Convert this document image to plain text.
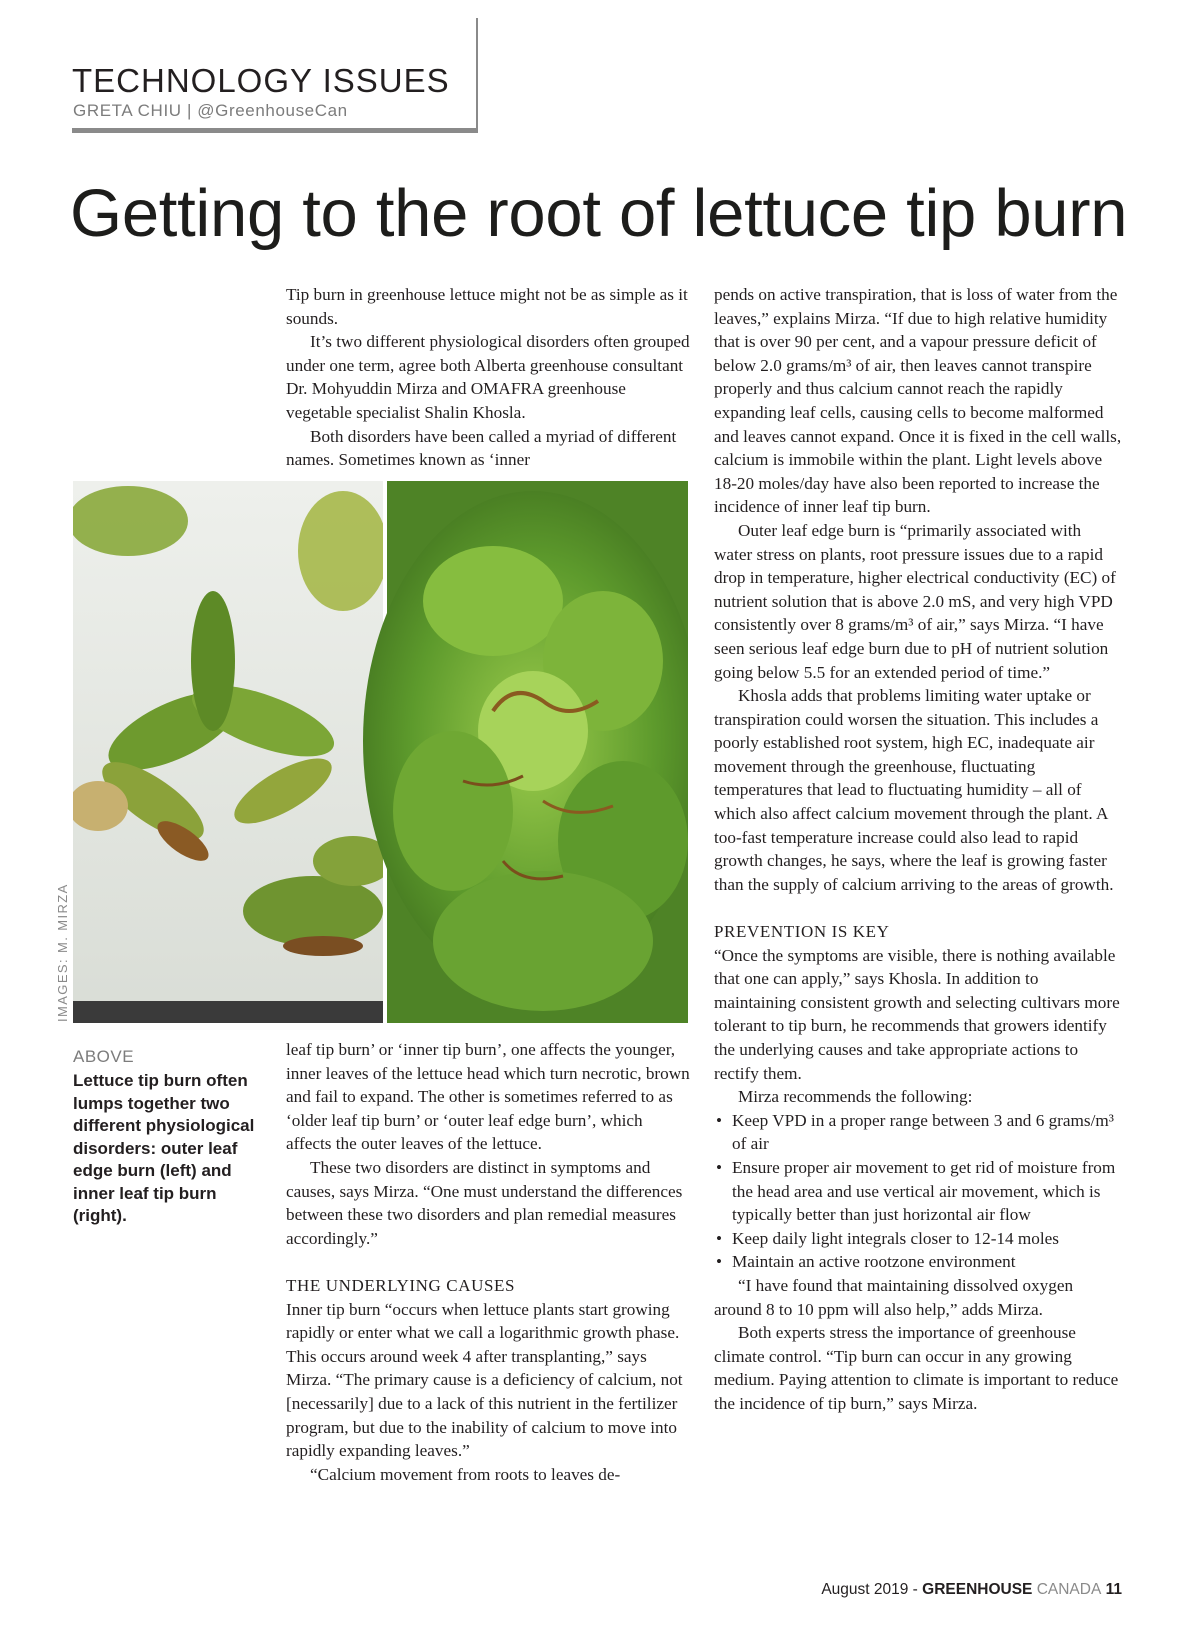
TECHNOLOGY ISSUES
GRETA CHIU | @GreenhouseCan
Getting to the root of lettuce tip burn

Tip burn in greenhouse lettuce might not be as simple as it sounds.

It’s two different physiological disorders often grouped under one term, agree both Alberta greenhouse consultant Dr. Mohyuddin Mirza and OMAFRA greenhouse vegetable specialist Shalin Khosla.

Both disorders have been called a myriad of different names. Sometimes known as ‘inner

IMAGES: M. MIRZA
ABOVE
Lettuce tip burn often lumps together two different physiological disorders: outer leaf edge burn (left) and inner leaf tip burn (right).

leaf tip burn’ or ‘inner tip burn’, one affects the younger, inner leaves of the lettuce head which turn necrotic, brown and fail to expand. The other is sometimes referred to as ‘older leaf tip burn’ or ‘outer leaf edge burn’, which affects the outer leaves of the lettuce.

These two disorders are distinct in symptoms and causes, says Mirza. “One must understand the differences between these two disorders and plan remedial measures accordingly.”

THE UNDERLYING CAUSES

Inner tip burn “occurs when lettuce plants start growing rapidly or enter what we call a logarithmic growth phase. This occurs around week 4 after transplanting,” says Mirza. “The primary cause is a deficiency of calcium, not [necessarily] due to a lack of this nutrient in the fertilizer program, but due to the inability of calcium to move into rapidly expanding leaves.”

“Calcium movement from roots to leaves de-

pends on active transpiration, that is loss of water from the leaves,” explains Mirza. “If due to high relative humidity that is over 90 per cent, and a vapour pressure deficit of below 2.0 grams/m³ of air, then leaves cannot transpire properly and thus calcium cannot reach the rapidly expanding leaf cells, causing cells to become malformed and leaves cannot expand. Once it is fixed in the cell walls, calcium is immobile within the plant. Light levels above 18-20 moles/day have also been reported to increase the incidence of inner leaf tip burn.

Outer leaf edge burn is “primarily associated with water stress on plants, root pressure issues due to a rapid drop in temperature, higher electrical conductivity (EC) of nutrient solution that is above 2.0 mS, and very high VPD consistently over 8 grams/m³ of air,” says Mirza. “I have seen serious leaf edge burn due to pH of nutrient solution going below 5.5 for an extended period of time.”

Khosla adds that problems limiting water uptake or transpiration could worsen the situation. This includes a poorly established root system, high EC, inadequate air movement through the greenhouse, fluctuating temperatures that lead to fluctuating humidity – all of which also affect calcium movement through the plant. A too-fast temperature increase could also lead to rapid growth changes, he says, where the leaf is growing faster than the supply of calcium arriving to the areas of growth.

PREVENTION IS KEY

“Once the symptoms are visible, there is nothing available that one can apply,” says Khosla. In addition to maintaining consistent growth and selecting cultivars more tolerant to tip burn, he recommends that growers identify the underlying causes and take appropriate actions to rectify them.

Mirza recommends the following:

• Keep VPD in a proper range between 3 and 6 grams/m³ of air
• Ensure proper air movement to get rid of moisture from the head area and use vertical air movement, which is typically better than just horizontal air flow
• Keep daily light integrals closer to 12-14 moles
• Maintain an active rootzone environment

“I have found that maintaining dissolved oxygen around 8 to 10 ppm will also help,” adds Mirza.

Both experts stress the importance of greenhouse climate control. “Tip burn can occur in any growing medium. Paying attention to climate is important to reduce the incidence of tip burn,” says Mirza.

August 2019 - GREENHOUSE CANADA 11
